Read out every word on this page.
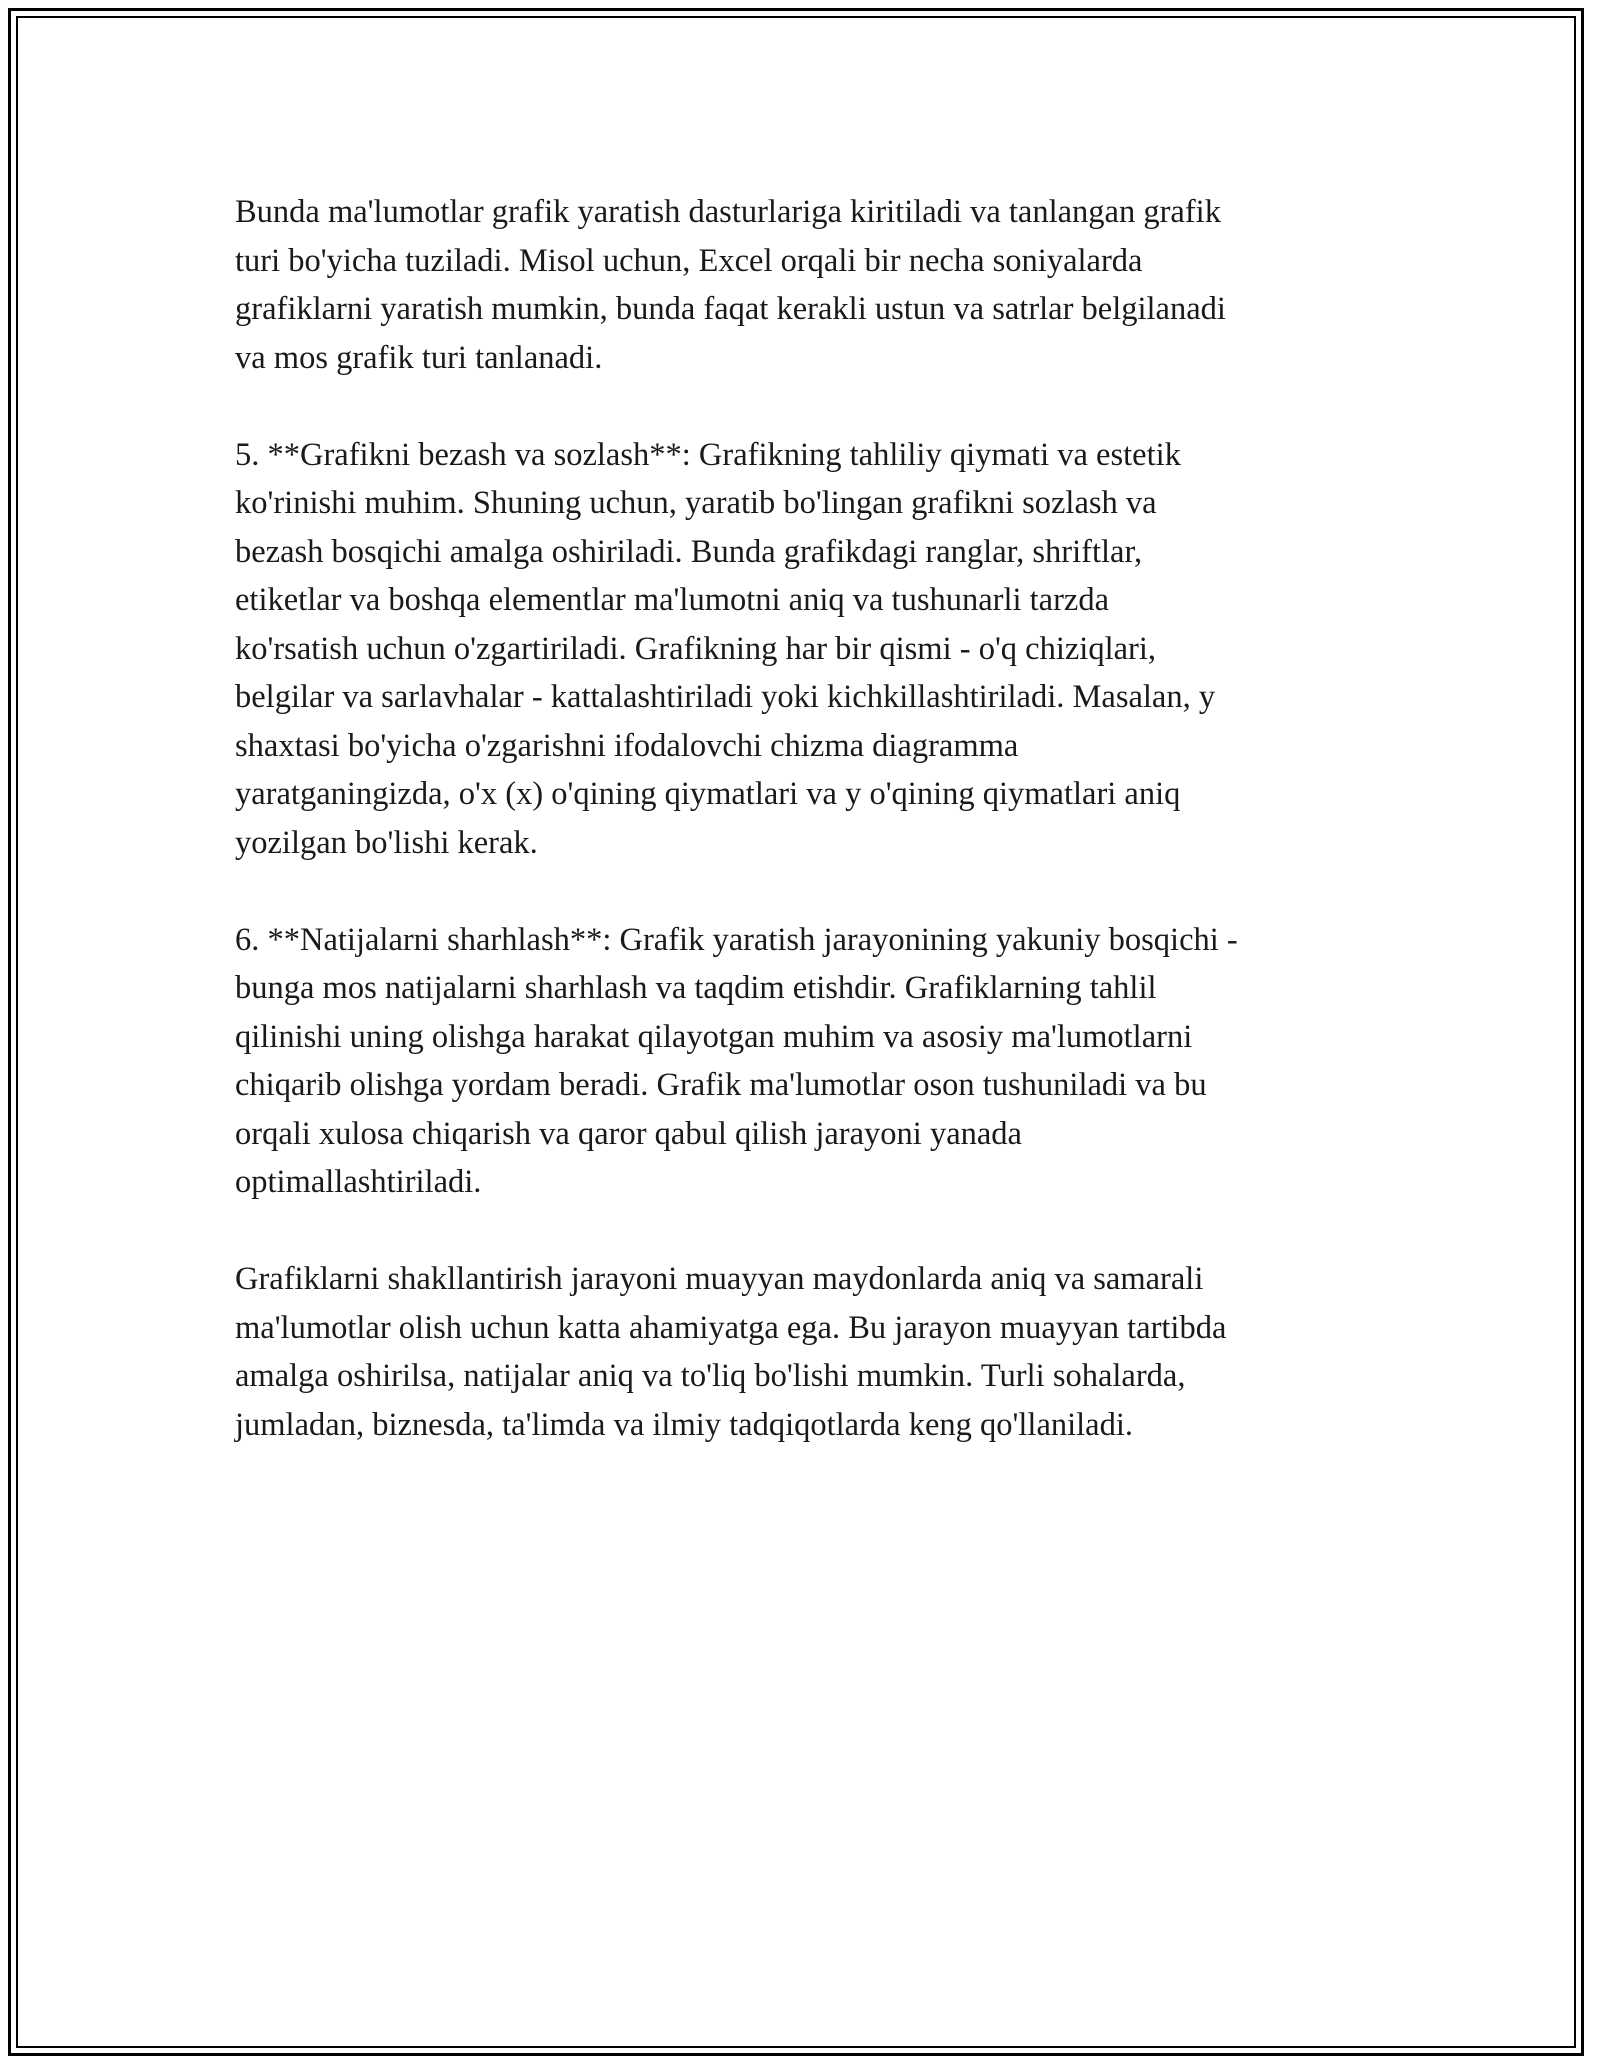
Bunda ma'lumotlar grafik yaratish dasturlariga kiritiladi va tanlangan grafik
turi bo'yicha tuziladi. Misol uchun, Excel orqali bir necha soniyalarda
grafiklarni yaratish mumkin, bunda faqat kerakli ustun va satrlar belgilanadi
va mos grafik turi tanlanadi.

5. **Grafikni bezash va sozlash**: Grafikning tahliliy qiymati va estetik
ko'rinishi muhim. Shuning uchun, yaratib bo'lingan grafikni sozlash va
bezash bosqichi amalga oshiriladi. Bunda grafikdagi ranglar, shriftlar,
etiketlar va boshqa elementlar ma'lumotni aniq va tushunarli tarzda
ko'rsatish uchun o'zgartiriladi. Grafikning har bir qismi - o'q chiziqlari,
belgilar va sarlavhalar - kattalashtiriladi yoki kichkillashtiriladi. Masalan, y
shaxtasi bo'yicha o'zgarishni ifodalovchi chizma diagramma
yaratganingizda, o'x (x) o'qining qiymatlari va y o'qining qiymatlari aniq
yozilgan bo'lishi kerak.

6. **Natijalarni sharhlash**: Grafik yaratish jarayonining yakuniy bosqichi -
bunga mos natijalarni sharhlash va taqdim etishdir. Grafiklarning tahlil
qilinishi uning olishga harakat qilayotgan muhim va asosiy ma'lumotlarni
chiqarib olishga yordam beradi. Grafik ma'lumotlar oson tushuniladi va bu
orqali xulosa chiqarish va qaror qabul qilish jarayoni yanada
optimallashtiriladi.

Grafiklarni shakllantirish jarayoni muayyan maydonlarda aniq va samarali
ma'lumotlar olish uchun katta ahamiyatga ega. Bu jarayon muayyan tartibda
amalga oshirilsa, natijalar aniq va to'liq bo'lishi mumkin. Turli sohalarda,
jumladan, biznesda, ta'limda va ilmiy tadqiqotlarda keng qo'llaniladi.
